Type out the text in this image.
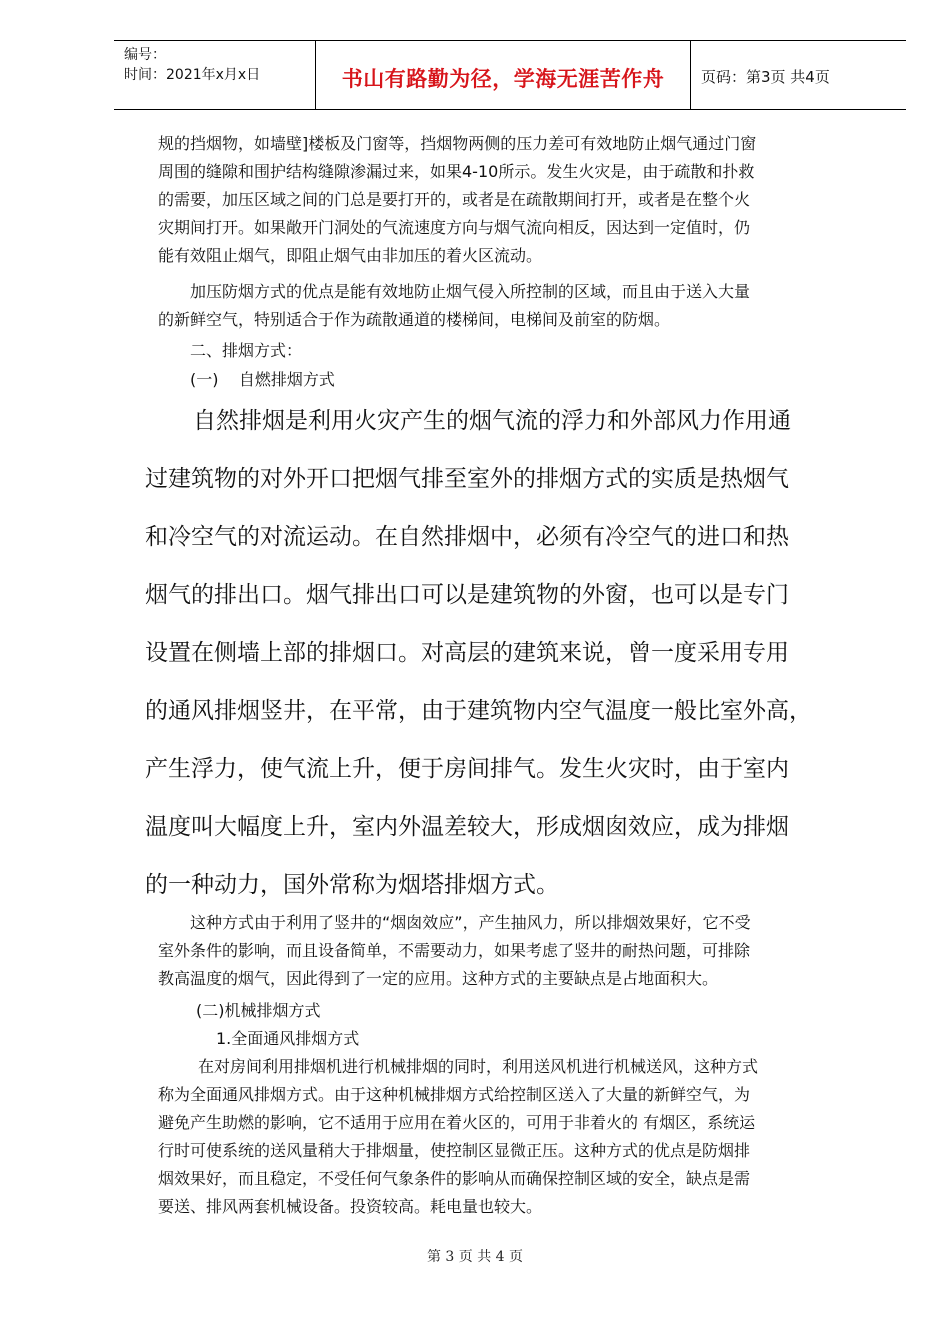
编号：
时间：2021年x月x日	书山有路勤为径，学海无涯苦作舟	页码：第3页 共4页
规的挡烟物，如墙壁]楼板及门窗等，挡烟物两侧的压力差可有效地防止烟气通过门窗
周围的缝隙和围护结构缝隙渗漏过来，如果4-10所示。发生火灾是，由于疏散和扑救
的需要，加压区域之间的门总是要打开的，或者是在疏散期间打开，或者是在整个火
灾期间打开。如果敞开门洞处的气流速度方向与烟气流向相反，因达到一定值时，仍
能有效阻止烟气，即阻止烟气由非加压的着火区流动。
加压防烟方式的优点是能有效地防止烟气侵入所控制的区域，而且由于送入大量
的新鲜空气，特别适合于作为疏散通道的楼梯间，电梯间及前室的防烟。
二、排烟方式：
(一)    自燃排烟方式
自然排烟是利用火灾产生的烟气流的浮力和外部风力作用通
过建筑物的对外开口把烟气排至室外的排烟方式的实质是热烟气
和冷空气的对流运动。在自然排烟中，必须有冷空气的进口和热
烟气的排出口。烟气排出口可以是建筑物的外窗，也可以是专门
设置在侧墙上部的排烟口。对高层的建筑来说，曾一度采用专用
的通风排烟竖井，在平常，由于建筑物内空气温度一般比室外高，
产生浮力，使气流上升，便于房间排气。发生火灾时，由于室内
温度叫大幅度上升，室内外温差较大，形成烟囱效应，成为排烟
的一种动力，国外常称为烟塔排烟方式。
这种方式由于利用了竖井的“烟囱效应”，产生抽风力，所以排烟效果好，它不受
室外条件的影响，而且设备简单，不需要动力，如果考虑了竖井的耐热问题，可排除
教高温度的烟气，因此得到了一定的应用。这种方式的主要缺点是占地面积大。
(二)机械排烟方式
1.全面通风排烟方式
在对房间利用排烟机进行机械排烟的同时，利用送风机进行机械送风，这种方式
称为全面通风排烟方式。由于这种机械排烟方式给控制区送入了大量的新鲜空气，为
避免产生助燃的影响，它不适用于应用在着火区的，可用于非着火的 有烟区，系统运
行时可使系统的送风量稍大于排烟量，使控制区显微正压。这种方式的优点是防烟排
烟效果好，而且稳定，不受任何气象条件的影响从而确保控制区域的安全，缺点是需
要送、排风两套机械设备。投资较高。耗电量也较大。
第 3 页 共 4 页
